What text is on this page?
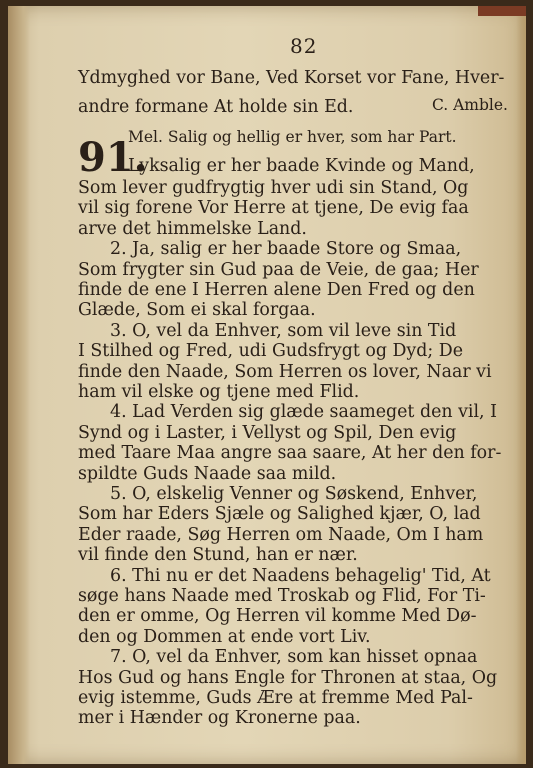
82
Ydmyghed vor Bane, Ved Korset vor Fane, Hver-
andre formane At holde sin Ed.	C. Amble.
Mel. Salig og hellig er hver, som har Part.
91.
Lyksalig er her baade Kvinde og Mand,
Som lever gudfrygtig hver udi sin Stand, Og
vil sig forene Vor Herre at tjene, De evig faa
arve det himmelske Land.
2. Ja, salig er her baade Store og Smaa,
Som frygter sin Gud paa de Veie, de gaa; Her
finde de ene I Herren alene Den Fred og den
Glæde, Som ei skal forgaa.
3. O, vel da Enhver, som vil leve sin Tid
I Stilhed og Fred, udi Gudsfrygt og Dyd; De
finde den Naade, Som Herren os lover, Naar vi
ham vil elske og tjene med Flid.
4. Lad Verden sig glæde saameget den vil, I
Synd og i Laster, i Vellyst og Spil, Den evig
med Taare Maa angre saa saare, At her den for-
spildte Guds Naade saa mild.
5. O, elskelig Venner og Søskend, Enhver,
Som har Eders Sjæle og Salighed kjær, O, lad
Eder raade, Søg Herren om Naade, Om I ham
vil finde den Stund, han er nær.
6. Thi nu er det Naadens behagelig' Tid, At
søge hans Naade med Troskab og Flid, For Ti-
den er omme, Og Herren vil komme Med Dø-
den og Dommen at ende vort Liv.
7. O, vel da Enhver, som kan hisset opnaa
Hos Gud og hans Engle for Thronen at staa, Og
evig istemme, Guds Ære at fremme Med Pal-
mer i Hænder og Kronerne paa.
